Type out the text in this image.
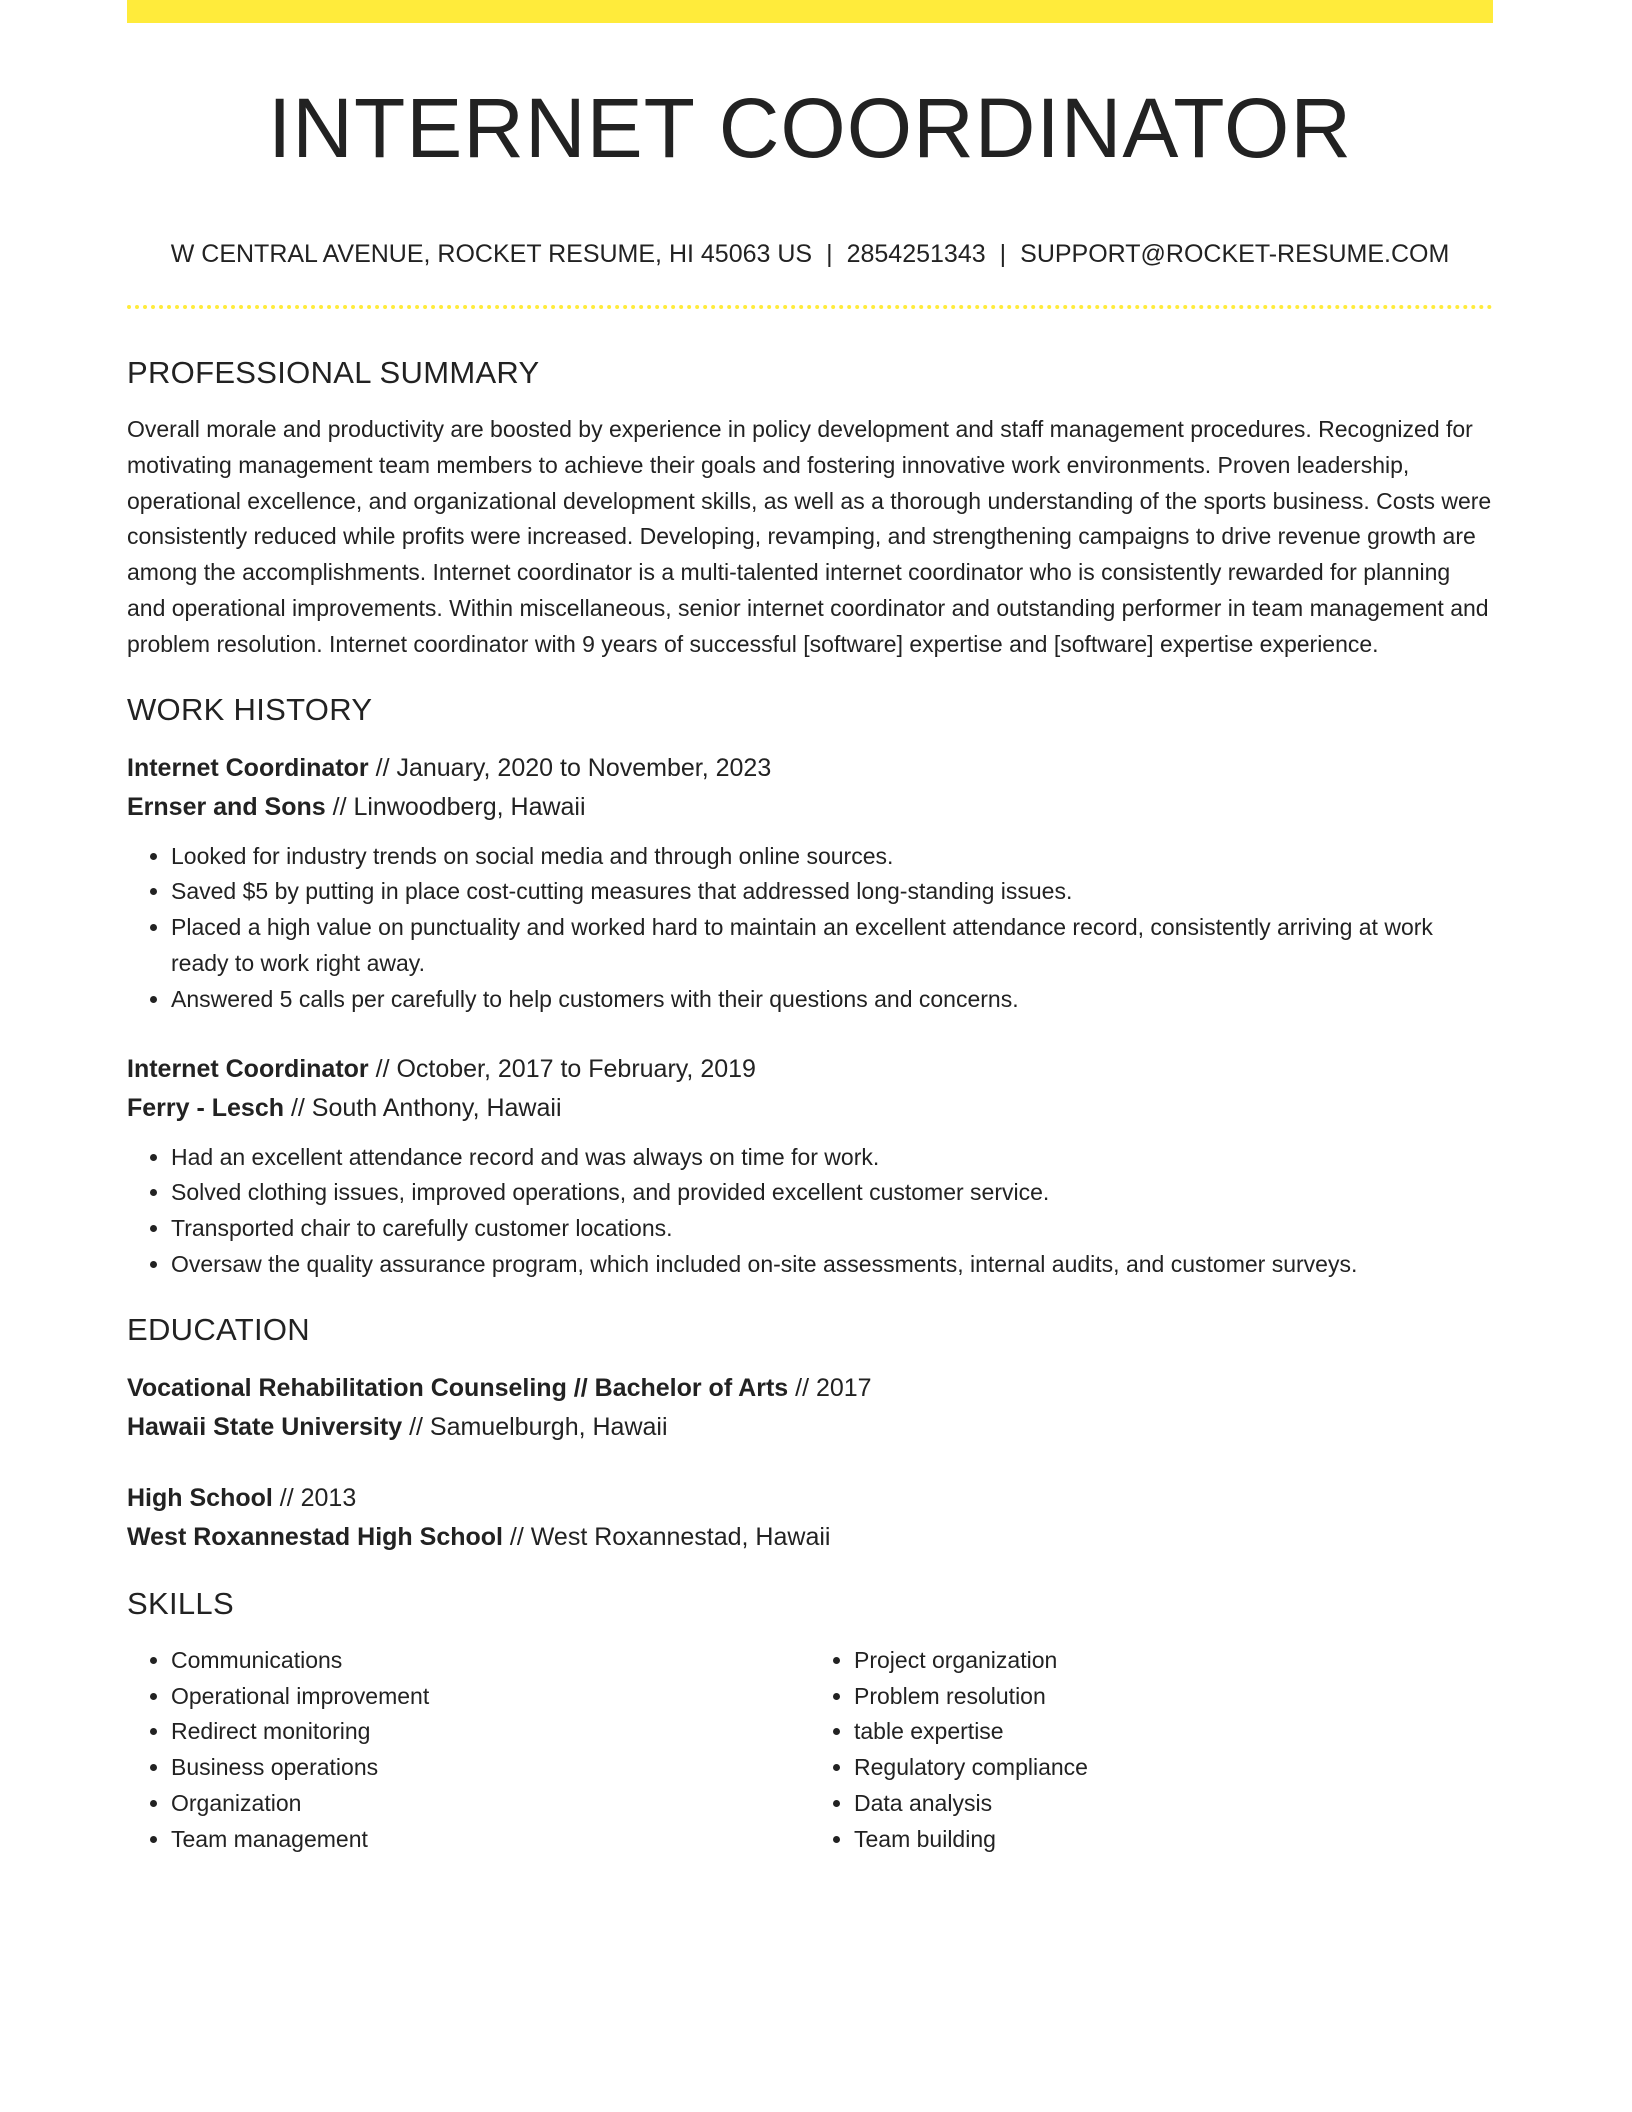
INTERNET COORDINATOR
W CENTRAL AVENUE, ROCKET RESUME, HI 45063 US | 2854251343 | SUPPORT@ROCKET-RESUME.COM
PROFESSIONAL SUMMARY

Overall morale and productivity are boosted by experience in policy development and staff management procedures. Recognized for motivating management team members to achieve their goals and fostering innovative work environments. Proven leadership, operational excellence, and organizational development skills, as well as a thorough understanding of the sports business. Costs were consistently reduced while profits were increased. Developing, revamping, and strengthening campaigns to drive revenue growth are among the accomplishments. Internet coordinator is a multi-talented internet coordinator who is consistently rewarded for planning and operational improvements. Within miscellaneous, senior internet coordinator and outstanding performer in team management and problem resolution. Internet coordinator with 9 years of successful [software] expertise and [software] expertise experience.

WORK HISTORY
Internet Coordinator // January, 2020 to November, 2023
Ernser and Sons // Linwoodberg, Hawaii
• Looked for industry trends on social media and through online sources.
• Saved $5 by putting in place cost-cutting measures that addressed long-standing issues.
• Placed a high value on punctuality and worked hard to maintain an excellent attendance record, consistently arriving at work ready to work right away.
• Answered 5 calls per carefully to help customers with their questions and concerns.
Internet Coordinator // October, 2017 to February, 2019
Ferry - Lesch // South Anthony, Hawaii
• Had an excellent attendance record and was always on time for work.
• Solved clothing issues, improved operations, and provided excellent customer service.
• Transported chair to carefully customer locations.
• Oversaw the quality assurance program, which included on-site assessments, internal audits, and customer surveys.
EDUCATION
Vocational Rehabilitation Counseling // Bachelor of Arts // 2017
Hawaii State University // Samuelburgh, Hawaii
High School // 2013
West Roxannestad High School // West Roxannestad, Hawaii
SKILLS
• Communications
• Operational improvement
• Redirect monitoring
• Business operations
• Organization
• Team management
• Project organization
• Problem resolution
• table expertise
• Regulatory compliance
• Data analysis
• Team building
